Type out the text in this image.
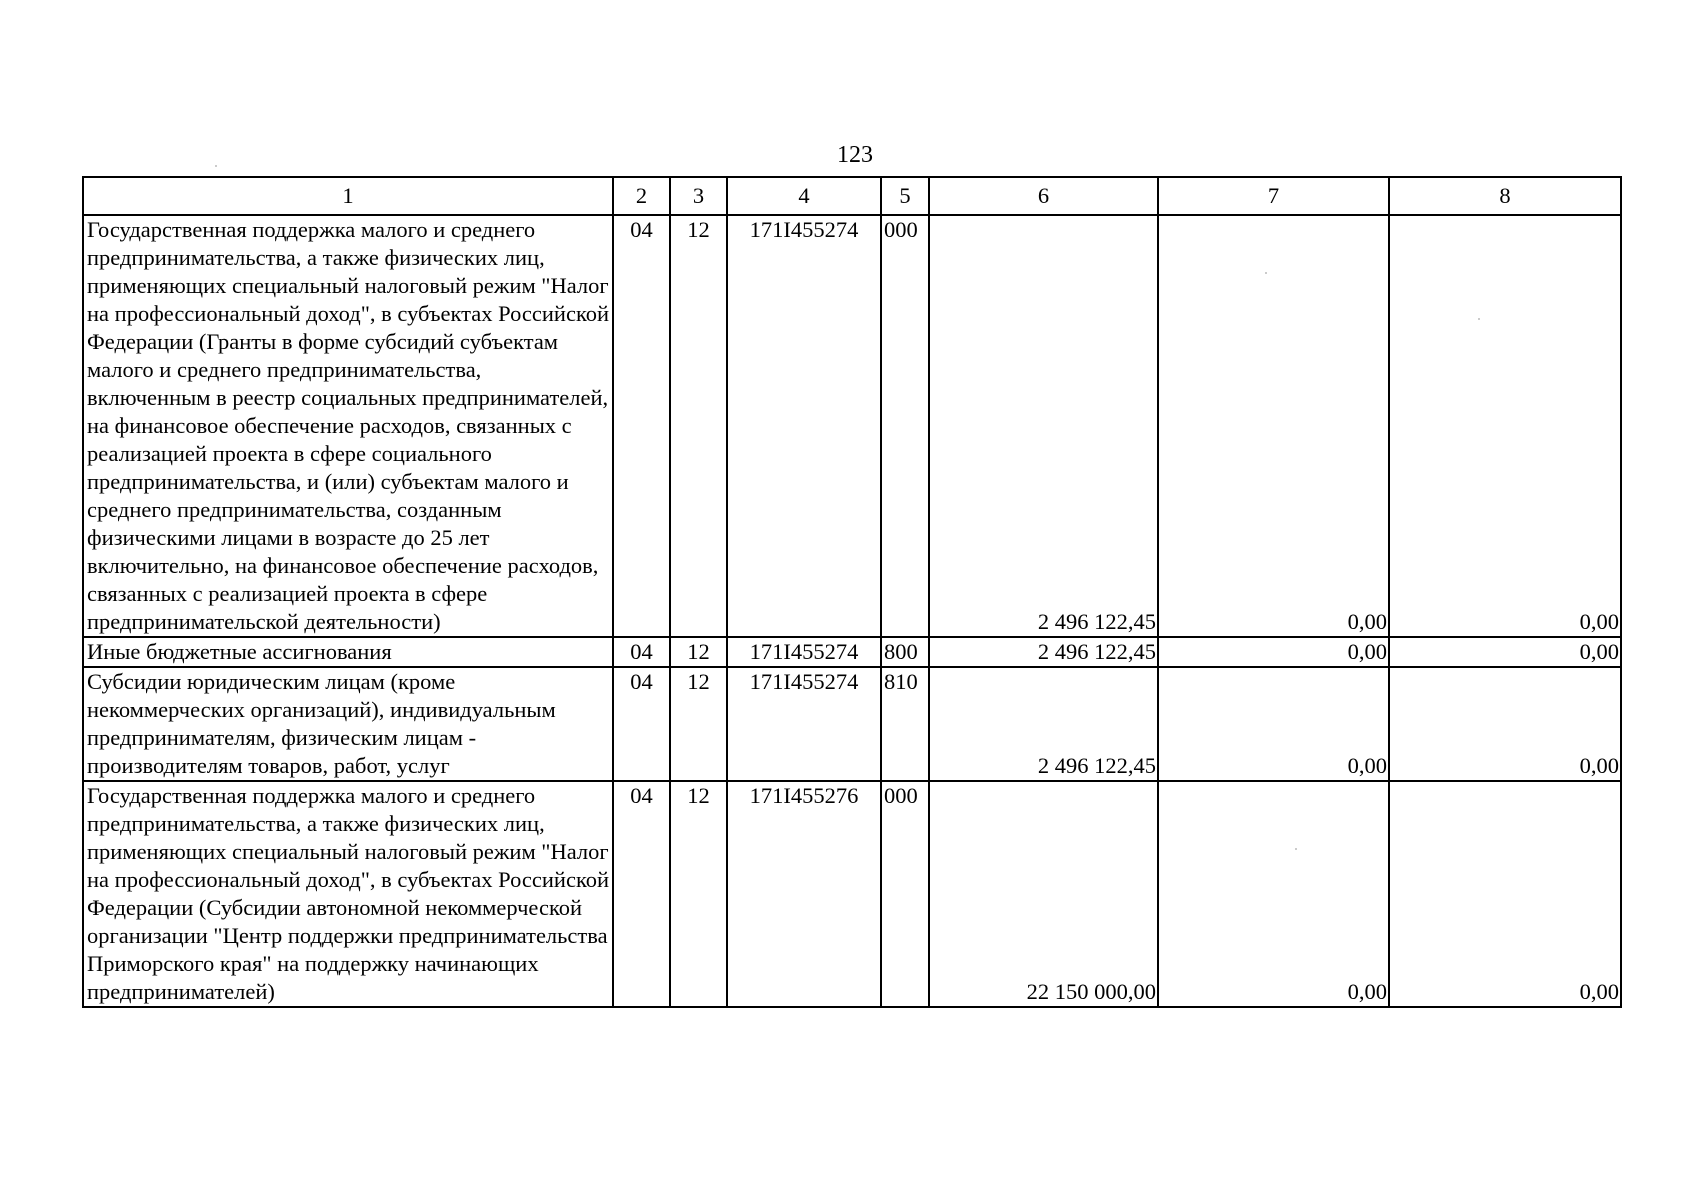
123
1	2	3	4	5	6	7	8
Государственная поддержка малого и среднего предпринимательства, а также физических лиц, применяющих специальный налоговый режим "Налог на профессиональный доход", в субъектах Российской Федерации (Гранты в форме субсидий субъектам малого и среднего предпринимательства, включенным в реестр социальных предпринимателей, на финансовое обеспечение расходов, связанных с реализацией проекта в сфере социального предпринимательства, и (или) субъектам малого и среднего предпринимательства, созданным физическими лицами в возрасте до 25 лет включительно, на финансовое обеспечение расходов, связанных с реализацией проекта в сфере предпринимательской деятельности)	04	12	171I455274	000	2 496 122,45	0,00	0,00
Иные бюджетные ассигнования	04	12	171I455274	800	2 496 122,45	0,00	0,00
Субсидии юридическим лицам (кроме некоммерческих организаций), индивидуальным предпринимателям, физическим лицам - производителям товаров, работ, услуг	04	12	171I455274	810	2 496 122,45	0,00	0,00
Государственная поддержка малого и среднего предпринимательства, а также физических лиц, применяющих специальный налоговый режим "Налог на профессиональный доход", в субъектах Российской Федерации (Субсидии автономной некоммерческой организации "Центр поддержки предпринимательства Приморского края" на поддержку начинающих предпринимателей)	04	12	171I455276	000	22 150 000,00	0,00	0,00
